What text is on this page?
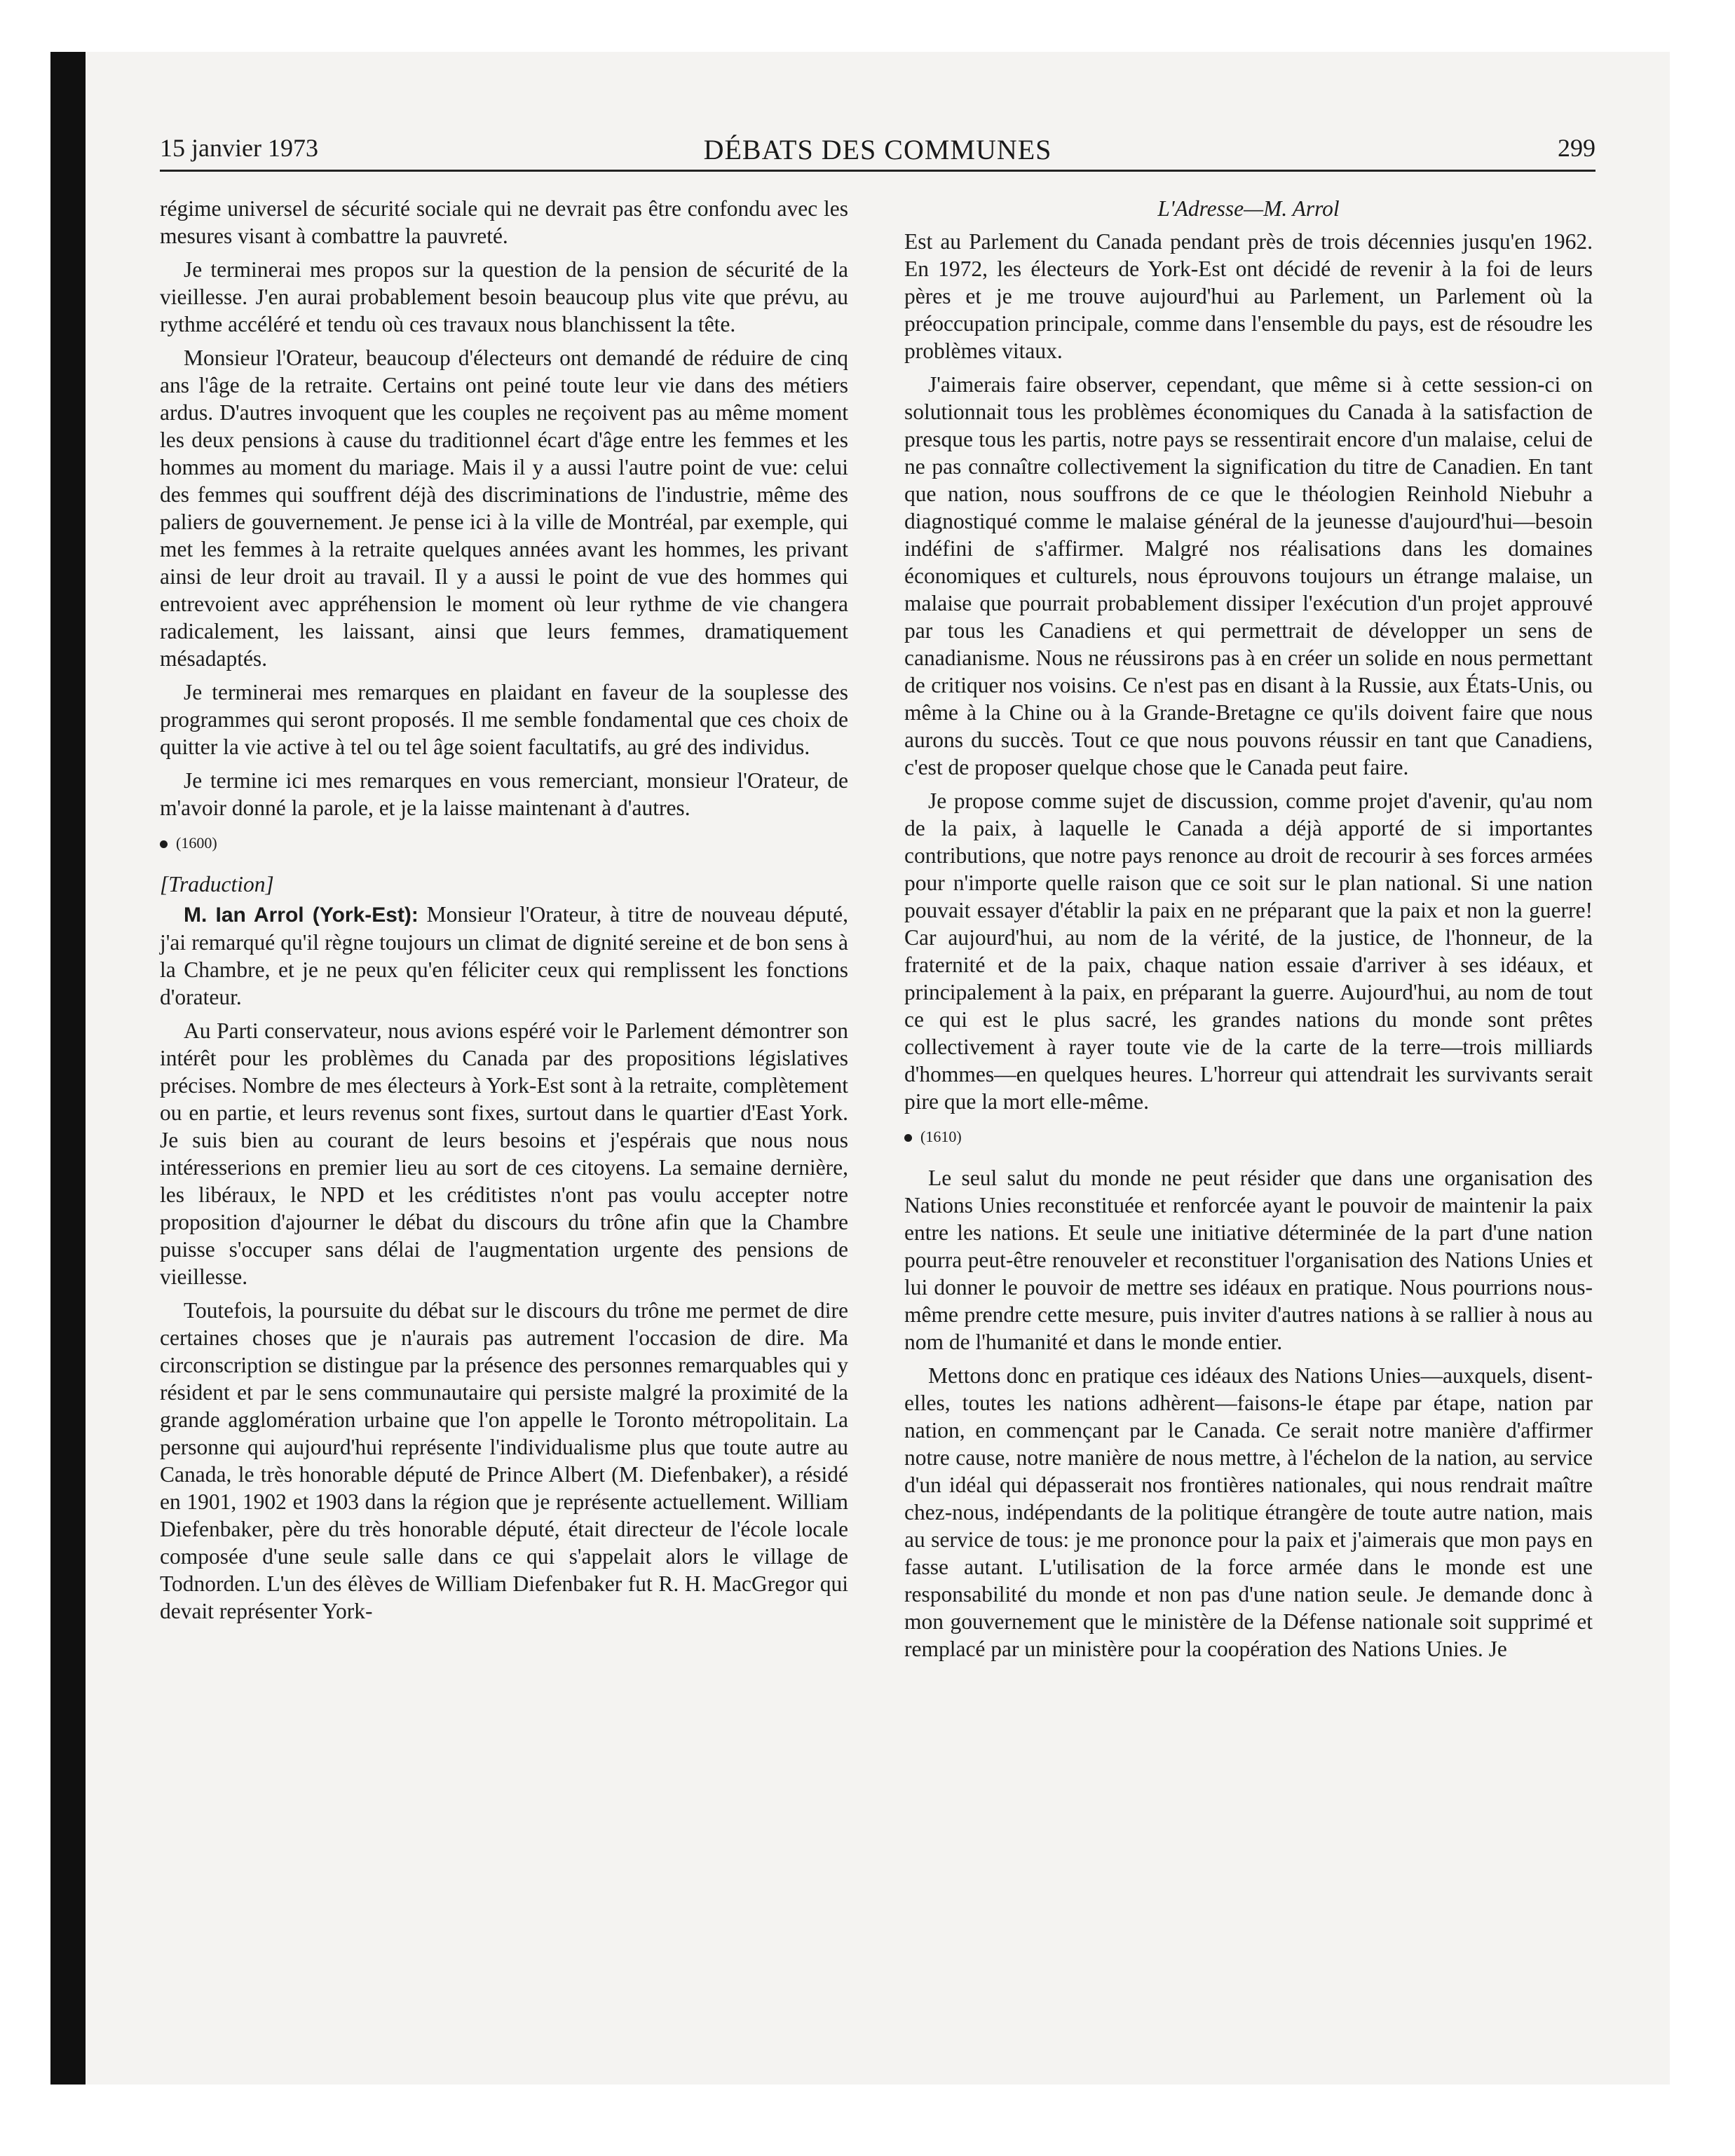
15 janvier 1973	DÉBATS DES COMMUNES	299

régime universel de sécurité sociale qui ne devrait pas être confondu avec les mesures visant à combattre la pauvreté.

Je terminerai mes propos sur la question de la pension de sécurité de la vieillesse. J'en aurai probablement besoin beaucoup plus vite que prévu, au rythme accéléré et tendu où ces travaux nous blanchissent la tête.

Monsieur l'Orateur, beaucoup d'électeurs ont demandé de réduire de cinq ans l'âge de la retraite. Certains ont peiné toute leur vie dans des métiers ardus. D'autres invoquent que les couples ne reçoivent pas au même moment les deux pensions à cause du traditionnel écart d'âge entre les femmes et les hommes au moment du mariage. Mais il y a aussi l'autre point de vue: celui des femmes qui souffrent déjà des discriminations de l'industrie, même des paliers de gouvernement. Je pense ici à la ville de Montréal, par exemple, qui met les femmes à la retraite quelques années avant les hommes, les privant ainsi de leur droit au travail. Il y a aussi le point de vue des hommes qui entrevoient avec appréhension le moment où leur rythme de vie changera radicalement, les laissant, ainsi que leurs femmes, dramatiquement mésadaptés.

Je terminerai mes remarques en plaidant en faveur de la souplesse des programmes qui seront proposés. Il me semble fondamental que ces choix de quitter la vie active à tel ou tel âge soient facultatifs, au gré des individus.

Je termine ici mes remarques en vous remerciant, monsieur l'Orateur, de m'avoir donné la parole, et je la laisse maintenant à d'autres.

(1600)
[Traduction]

M. Ian Arrol (York-Est): Monsieur l'Orateur, à titre de nouveau député, j'ai remarqué qu'il règne toujours un climat de dignité sereine et de bon sens à la Chambre, et je ne peux qu'en féliciter ceux qui remplissent les fonctions d'orateur.

Au Parti conservateur, nous avions espéré voir le Parlement démontrer son intérêt pour les problèmes du Canada par des propositions législatives précises. Nombre de mes électeurs à York-Est sont à la retraite, complètement ou en partie, et leurs revenus sont fixes, surtout dans le quartier d'East York. Je suis bien au courant de leurs besoins et j'espérais que nous nous intéresserions en premier lieu au sort de ces citoyens. La semaine dernière, les libéraux, le NPD et les créditistes n'ont pas voulu accepter notre proposition d'ajourner le débat du discours du trône afin que la Chambre puisse s'occuper sans délai de l'augmentation urgente des pensions de vieillesse.

Toutefois, la poursuite du débat sur le discours du trône me permet de dire certaines choses que je n'aurais pas autrement l'occasion de dire. Ma circonscription se distingue par la présence des personnes remarquables qui y résident et par le sens communautaire qui persiste malgré la proximité de la grande agglomération urbaine que l'on appelle le Toronto métropolitain. La personne qui aujourd'hui représente l'individualisme plus que toute autre au Canada, le très honorable député de Prince Albert (M. Diefenbaker), a résidé en 1901, 1902 et 1903 dans la région que je représente actuellement. William Diefenbaker, père du très honorable député, était directeur de l'école locale composée d'une seule salle dans ce qui s'appelait alors le village de Todnorden. L'un des élèves de William Diefenbaker fut R. H. MacGregor qui devait représenter York-

L'Adresse—M. Arrol

Est au Parlement du Canada pendant près de trois décennies jusqu'en 1962. En 1972, les électeurs de York-Est ont décidé de revenir à la foi de leurs pères et je me trouve aujourd'hui au Parlement, un Parlement où la préoccupation principale, comme dans l'ensemble du pays, est de résoudre les problèmes vitaux.

J'aimerais faire observer, cependant, que même si à cette session-ci on solutionnait tous les problèmes économiques du Canada à la satisfaction de presque tous les partis, notre pays se ressentirait encore d'un malaise, celui de ne pas connaître collectivement la signification du titre de Canadien. En tant que nation, nous souffrons de ce que le théologien Reinhold Niebuhr a diagnostiqué comme le malaise général de la jeunesse d'aujourd'hui—besoin indéfini de s'affirmer. Malgré nos réalisations dans les domaines économiques et culturels, nous éprouvons toujours un étrange malaise, un malaise que pourrait probablement dissiper l'exécution d'un projet approuvé par tous les Canadiens et qui permettrait de développer un sens de canadianisme. Nous ne réussirons pas à en créer un solide en nous permettant de critiquer nos voisins. Ce n'est pas en disant à la Russie, aux États-Unis, ou même à la Chine ou à la Grande-Bretagne ce qu'ils doivent faire que nous aurons du succès. Tout ce que nous pouvons réussir en tant que Canadiens, c'est de proposer quelque chose que le Canada peut faire.

Je propose comme sujet de discussion, comme projet d'avenir, qu'au nom de la paix, à laquelle le Canada a déjà apporté de si importantes contributions, que notre pays renonce au droit de recourir à ses forces armées pour n'importe quelle raison que ce soit sur le plan national. Si une nation pouvait essayer d'établir la paix en ne préparant que la paix et non la guerre! Car aujourd'hui, au nom de la vérité, de la justice, de l'honneur, de la fraternité et de la paix, chaque nation essaie d'arriver à ses idéaux, et principalement à la paix, en préparant la guerre. Aujourd'hui, au nom de tout ce qui est le plus sacré, les grandes nations du monde sont prêtes collectivement à rayer toute vie de la carte de la terre—trois milliards d'hommes—en quelques heures. L'horreur qui attendrait les survivants serait pire que la mort elle-même.

(1610)

Le seul salut du monde ne peut résider que dans une organisation des Nations Unies reconstituée et renforcée ayant le pouvoir de maintenir la paix entre les nations. Et seule une initiative déterminée de la part d'une nation pourra peut-être renouveler et reconstituer l'organisation des Nations Unies et lui donner le pouvoir de mettre ses idéaux en pratique. Nous pourrions nous-même prendre cette mesure, puis inviter d'autres nations à se rallier à nous au nom de l'humanité et dans le monde entier.

Mettons donc en pratique ces idéaux des Nations Unies—auxquels, disent-elles, toutes les nations adhèrent—faisons-le étape par étape, nation par nation, en commençant par le Canada. Ce serait notre manière d'affirmer notre cause, notre manière de nous mettre, à l'échelon de la nation, au service d'un idéal qui dépasserait nos frontières nationales, qui nous rendrait maître chez-nous, indépendants de la politique étrangère de toute autre nation, mais au service de tous: je me prononce pour la paix et j'aimerais que mon pays en fasse autant. L'utilisation de la force armée dans le monde est une responsabilité du monde et non pas d'une nation seule. Je demande donc à mon gouvernement que le ministère de la Défense nationale soit supprimé et remplacé par un ministère pour la coopération des Nations Unies. Je
